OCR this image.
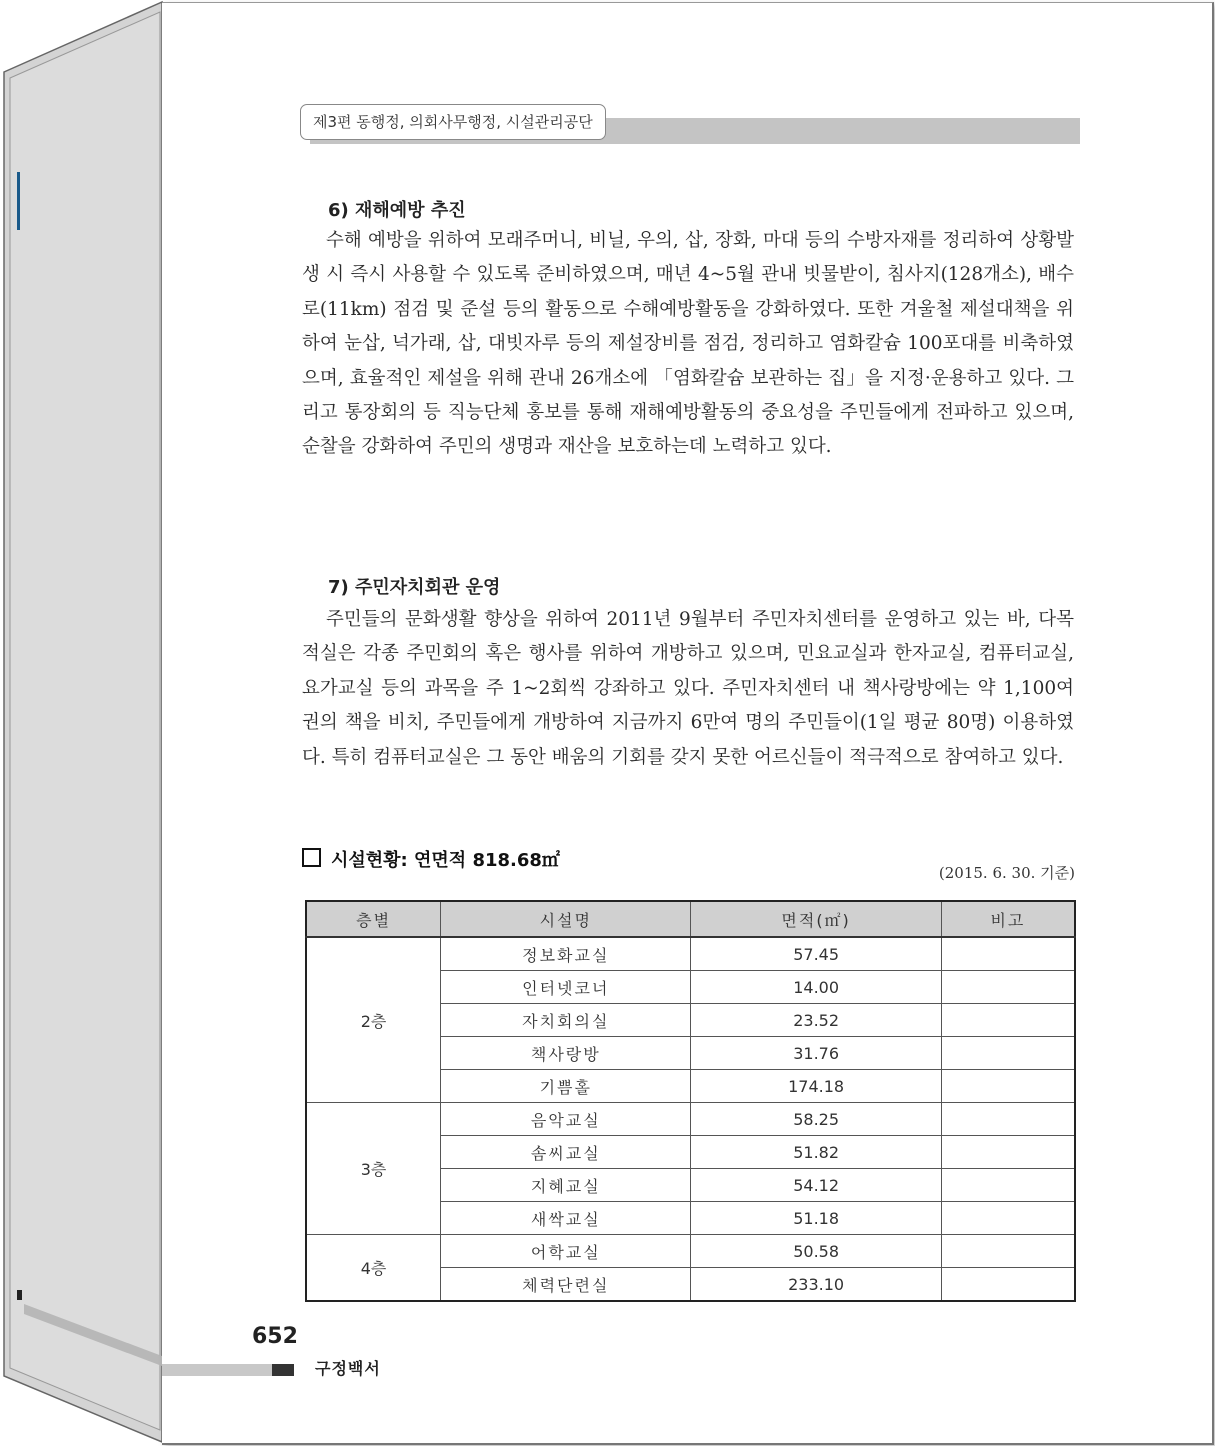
제3편 동행정, 의회사무행정, 시설관리공단
6) 재해예방 추진

수해 예방을 위하여 모래주머니, 비닐, 우의, 삽, 장화, 마대 등의 수방자재를 정리하여 상황발생 시 즉시 사용할 수 있도록 준비하였으며, 매년 4~5월 관내 빗물받이, 침사지(128개소), 배수로(11km) 점검 및 준설 등의 활동으로 수해예방활동을 강화하였다. 또한 겨울철 제설대책을 위하여 눈삽, 넉가래, 삽, 대빗자루 등의 제설장비를 점검, 정리하고 염화칼슘 100포대를 비축하였으며, 효율적인 제설을 위해 관내 26개소에 「염화칼슘 보관하는 집」을 지정·운용하고 있다. 그리고 통장회의 등 직능단체 홍보를 통해 재해예방활동의 중요성을 주민들에게 전파하고 있으며, 순찰을 강화하여 주민의 생명과 재산을 보호하는데 노력하고 있다.

7) 주민자치회관 운영

주민들의 문화생활 향상을 위하여 2011년 9월부터 주민자치센터를 운영하고 있는 바, 다목적실은 각종 주민회의 혹은 행사를 위하여 개방하고 있으며, 민요교실과 한자교실, 컴퓨터교실, 요가교실 등의 과목을 주 1~2회씩 강좌하고 있다. 주민자치센터 내 책사랑방에는 약 1,100여 권의 책을 비치, 주민들에게 개방하여 지금까지 6만여 명의 주민들이(1일 평균 80명) 이용하였다. 특히 컴퓨터교실은 그 동안 배움의 기회를 갖지 못한 어르신들이 적극적으로 참여하고 있다.

시설현황: 연면적 818.68㎡
(2015. 6. 30. 기준)
층별	시설명	면적(㎡)	비고
2층	정보화교실	57.45	
	인터넷코너	14.00	
	자치회의실	23.52	
	책사랑방	31.76	
	기쁨홀	174.18	
3층	음악교실	58.25	
	솜씨교실	51.82	
	지혜교실	54.12	
	새싹교실	51.18	
4층	어학교실	50.58	
	체력단련실	233.10	
652
구정백서
